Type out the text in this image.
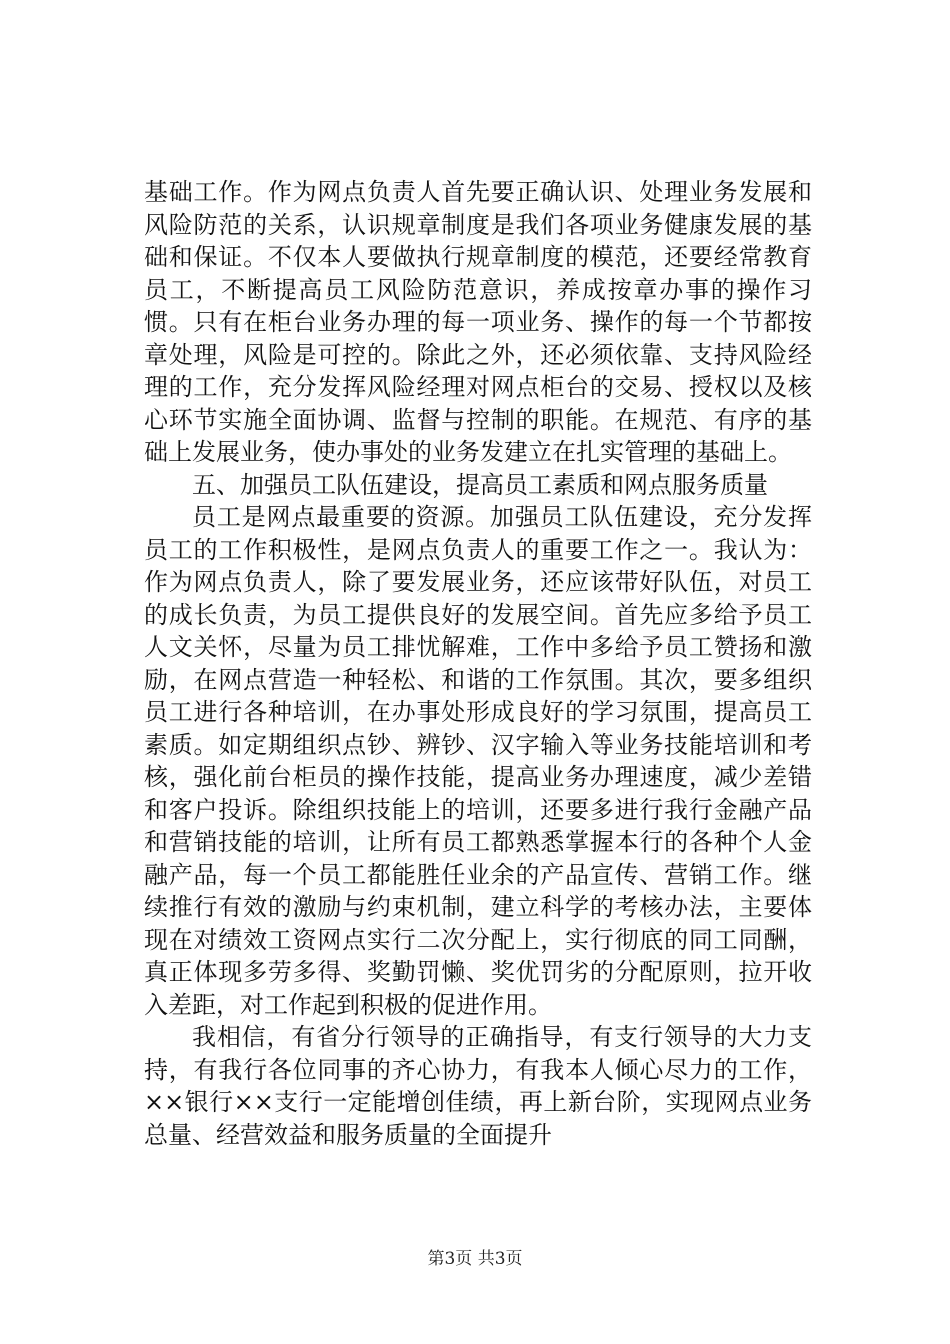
基础工作。作为网点负责人首先要正确认识、处理业务发展和风险防范的关系，认识规章制度是我们各项业务健康发展的基础和保证。不仅本人要做执行规章制度的模范，还要经常教育员工，不断提高员工风险防范意识，养成按章办事的操作习惯。只有在柜台业务办理的每一项业务、操作的每一个节都按章处理，风险是可控的。除此之外，还必须依靠、支持风险经理的工作，充分发挥风险经理对网点柜台的交易、授权以及核心环节实施全面协调、监督与控制的职能。在规范、有序的基础上发展业务，使办事处的业务发建立在扎实管理的基础上。

五、加强员工队伍建设，提高员工素质和网点服务质量

员工是网点最重要的资源。加强员工队伍建设，充分发挥员工的工作积极性，是网点负责人的重要工作之一。我认为：作为网点负责人，除了要发展业务，还应该带好队伍，对员工的成长负责，为员工提供良好的发展空间。首先应多给予员工人文关怀，尽量为员工排忧解难，工作中多给予员工赞扬和激励，在网点营造一种轻松、和谐的工作氛围。其次，要多组织员工进行各种培训，在办事处形成良好的学习氛围，提高员工素质。如定期组织点钞、辨钞、汉字输入等业务技能培训和考核，强化前台柜员的操作技能，提高业务办理速度，减少差错和客户投诉。除组织技能上的培训，还要多进行我行金融产品和营销技能的培训，让所有员工都熟悉掌握本行的各种个人金融产品，每一个员工都能胜任业余的产品宣传、营销工作。继续推行有效的激励与约束机制，建立科学的考核办法，主要体现在对绩效工资网点实行二次分配上，实行彻底的同工同酬，真正体现多劳多得、奖勤罚懒、奖优罚劣的分配原则，拉开收入差距，对工作起到积极的促进作用。

我相信，有省分行领导的正确指导，有支行领导的大力支持，有我行各位同事的齐心协力，有我本人倾心尽力的工作，××银行××支行一定能增创佳绩，再上新台阶，实现网点业务总量、经营效益和服务质量的全面提升

第3页 共3页
